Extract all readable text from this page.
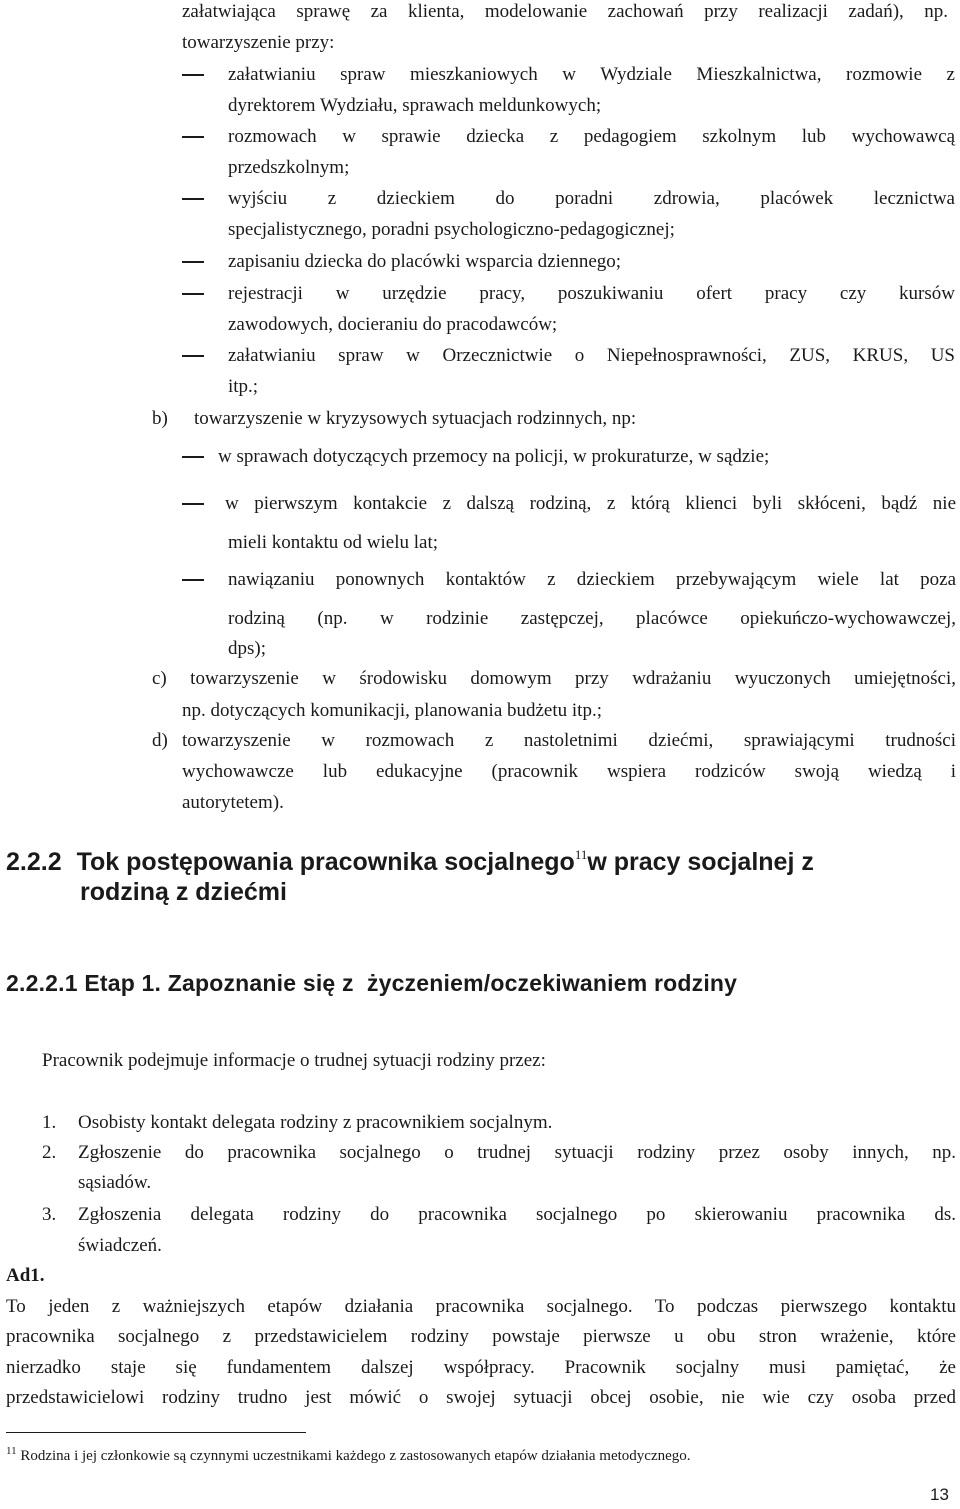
załatwiająca sprawę za klienta, modelowanie zachowań przy realizacji zadań), np.
towarzyszenie przy:
załatwianiu spraw mieszkaniowych w Wydziale Mieszkalnictwa, rozmowie z
dyrektorem Wydziału, sprawach meldunkowych;
rozmowach w sprawie dziecka z pedagogiem szkolnym lub wychowawcą
przedszkolnym;
wyjściu z dzieckiem do poradni zdrowia, placówek lecznictwa
specjalistycznego, poradni psychologiczno-pedagogicznej;
zapisaniu dziecka do placówki wsparcia dziennego;
rejestracji w urzędzie pracy, poszukiwaniu ofert pracy czy kursów
zawodowych, docieraniu do pracodawców;
załatwianiu spraw w Orzecznictwie o Niepełnosprawności, ZUS, KRUS, US
itp.;
b) towarzyszenie w kryzysowych sytuacjach rodzinnych, np:
w sprawach dotyczących przemocy na policji, w prokuraturze, w sądzie;
w pierwszym kontakcie z dalszą rodziną, z którą klienci byli skłóceni, bądź nie
mieli kontaktu od wielu lat;
nawiązaniu ponownych kontaktów z dzieckiem przebywającym wiele lat poza
rodziną (np. w rodzinie zastępczej, placówce opiekuńczo-wychowawczej,
dps);
c) towarzyszenie w środowisku domowym przy wdrażaniu wyuczonych umiejętności,
np. dotyczących komunikacji, planowania budżetu itp.;
d) towarzyszenie w rozmowach z nastoletnimi dziećmi, sprawiającymi trudności
wychowawcze lub edukacyjne (pracownik wspiera rodziców swoją wiedzą i
autorytetem).
2.2.2 Tok postępowania pracownika socjalnego$^{11}$w pracy socjalnej z
rodziną z dziećmi
2.2.2.1 Etap 1. Zapoznanie się z  życzeniem/oczekiwaniem rodziny
Pracownik podejmuje informacje o trudnej sytuacji rodziny przez:
1. Osobisty kontakt delegata rodziny z pracownikiem socjalnym.
2. Zgłoszenie do pracownika socjalnego o trudnej sytuacji rodziny przez osoby innych, np.
sąsiadów.
3. Zgłoszenia delegata rodziny do pracownika socjalnego po skierowaniu pracownika ds.
świadczeń.
Ad1.
To jeden z ważniejszych etapów działania pracownika socjalnego. To podczas pierwszego kontaktu
pracownika socjalnego z przedstawicielem rodziny powstaje pierwsze u obu stron wrażenie, które
nierzadko staje się fundamentem dalszej współpracy. Pracownik socjalny musi pamiętać, że
przedstawicielowi rodziny trudno jest mówić o swojej sytuacji obcej osobie, nie wie czy osoba przed
$^{11}$ Rodzina i jej członkowie są czynnymi uczestnikami każdego z zastosowanych etapów działania metodycznego.
13
